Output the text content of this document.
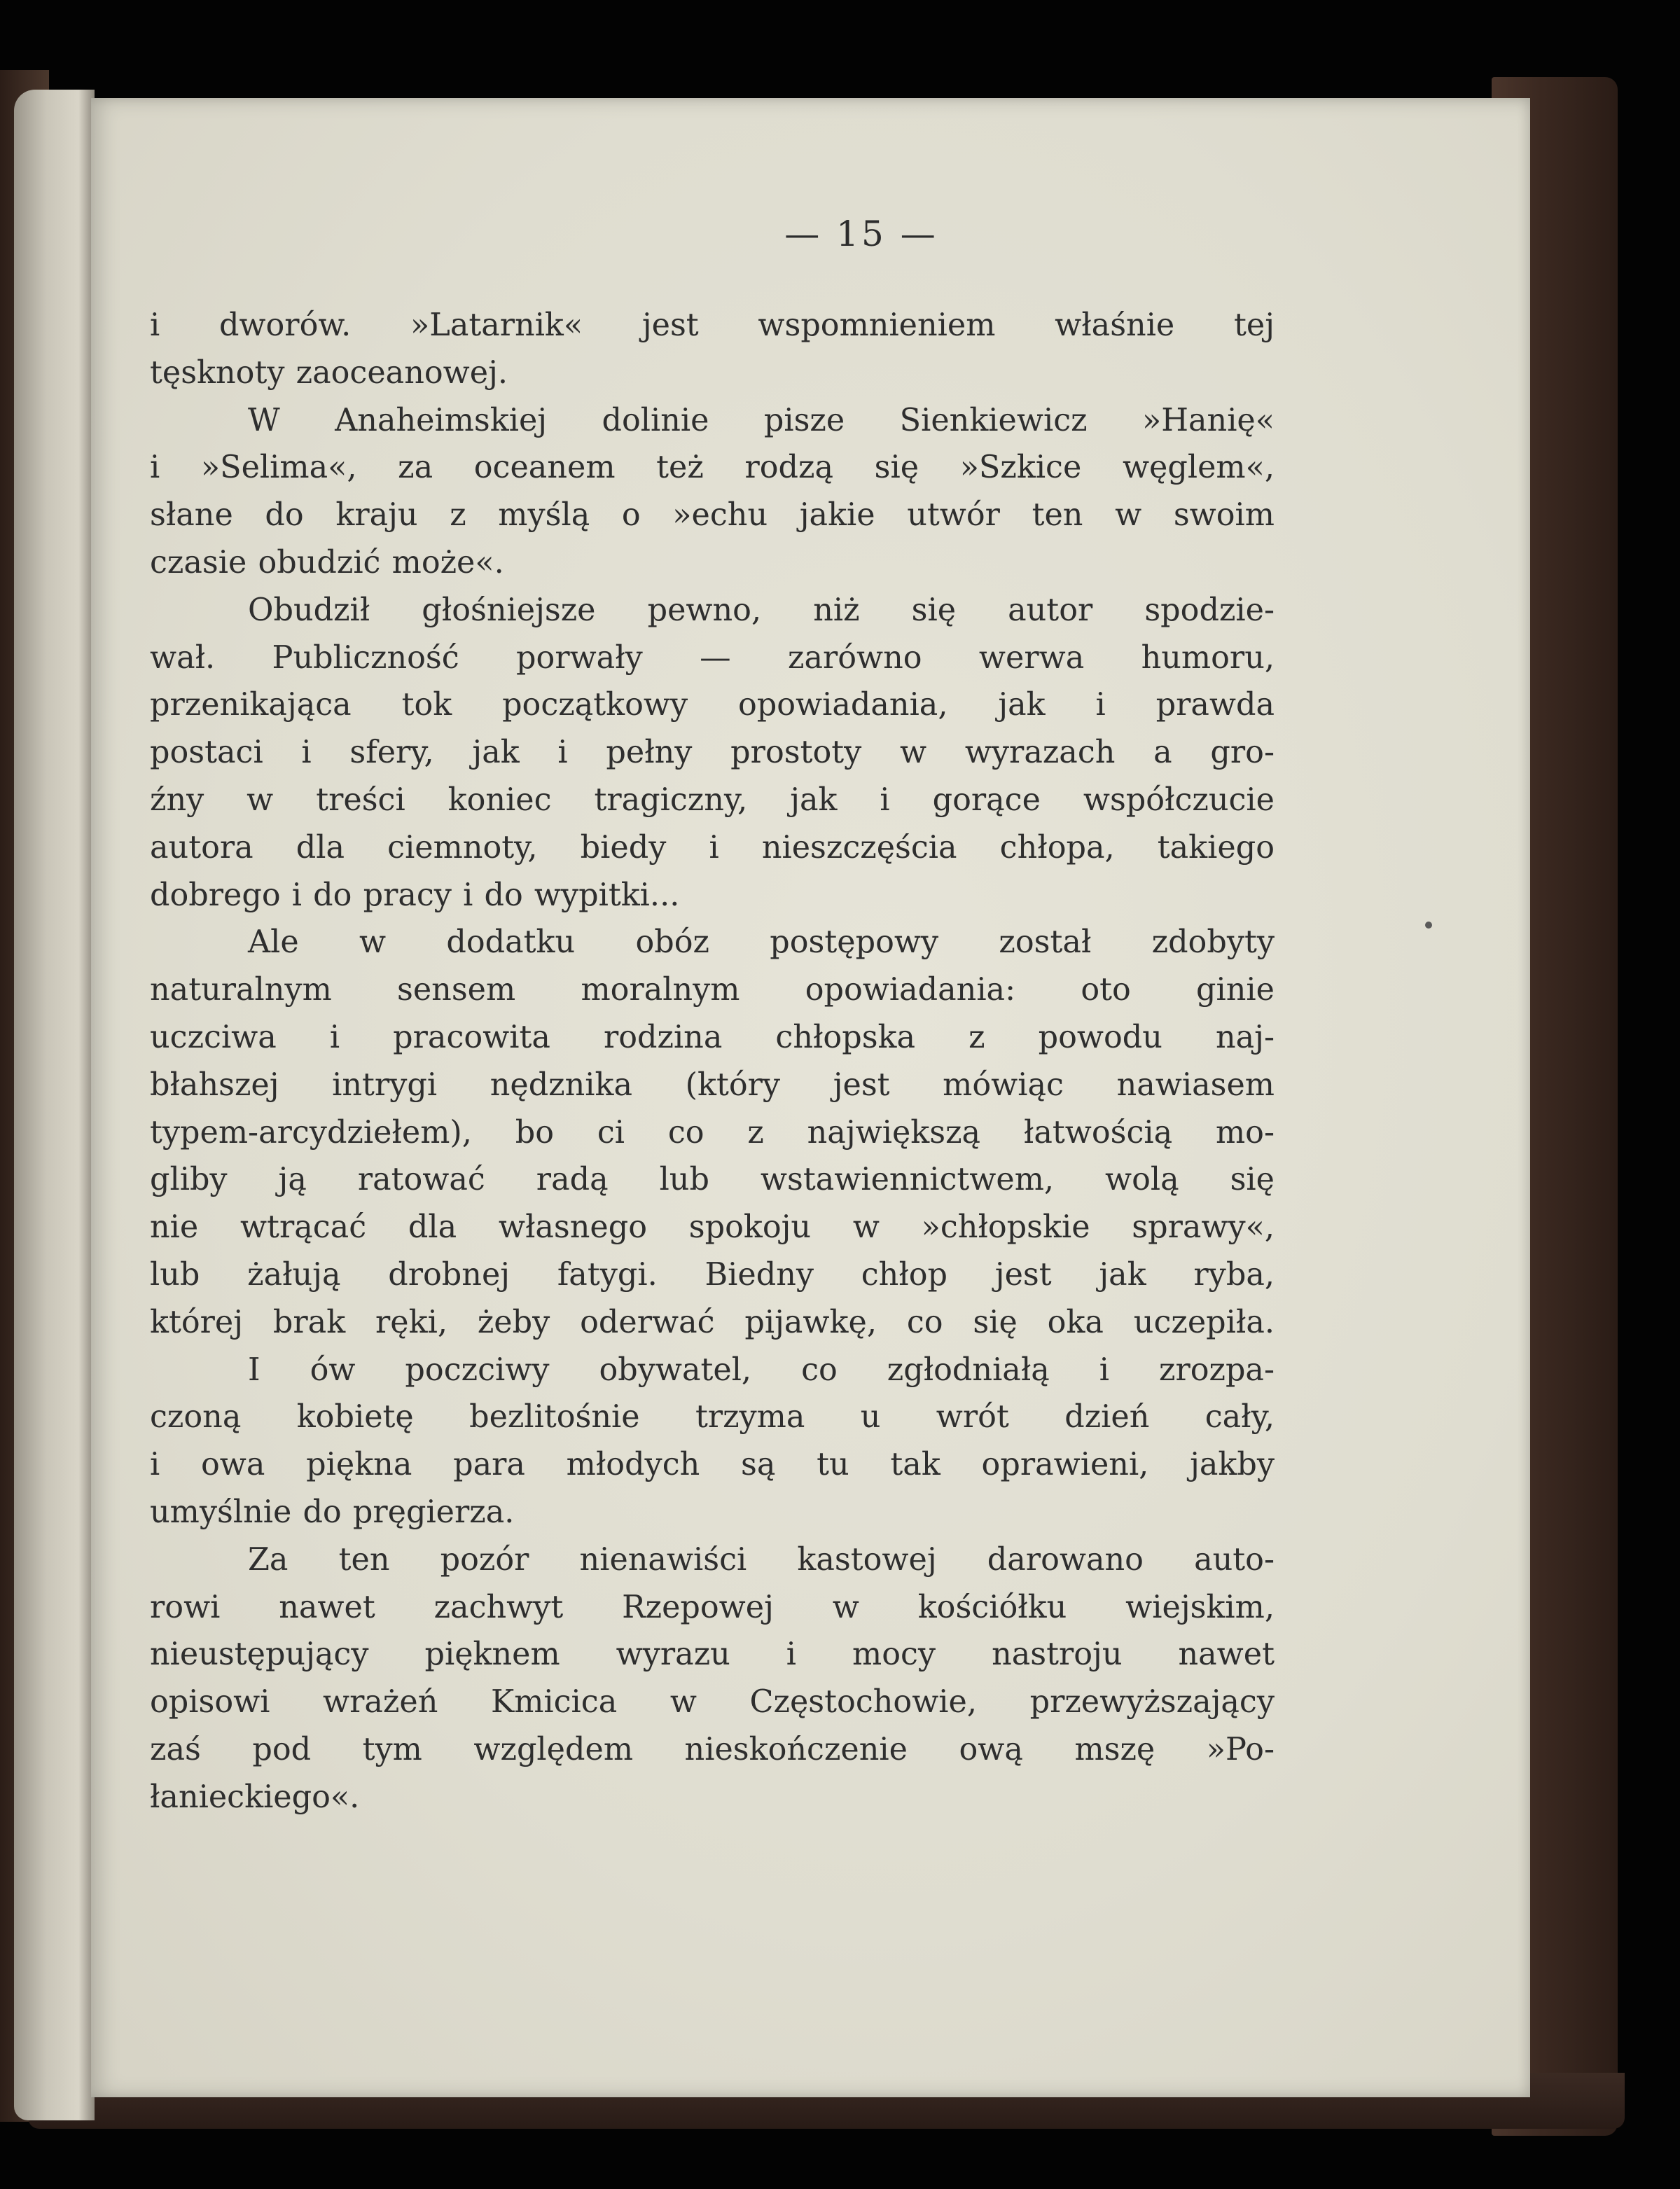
— 15 —
i dworów. »Latarnik« jest wspomnieniem właśnie tej
tęsknoty zaoceanowej.
W Anaheimskiej dolinie pisze Sienkiewicz »Hanię«
i »Selima«, za oceanem też rodzą się »Szkice węglem«,
słane do kraju z myślą o »echu jakie utwór ten w swoim
czasie obudzić może«.
Obudził głośniejsze pewno, niż się autor spodzie-
wał. Publiczność porwały — zarówno werwa humoru,
przenikająca tok początkowy opowiadania, jak i prawda
postaci i sfery, jak i pełny prostoty w wyrazach a gro-
źny w treści koniec tragiczny, jak i gorące współczucie
autora dla ciemnoty, biedy i nieszczęścia chłopa, takiego
dobrego i do pracy i do wypitki...
Ale w dodatku obóz postępowy został zdobyty
naturalnym sensem moralnym opowiadania: oto ginie
uczciwa i pracowita rodzina chłopska z powodu naj-
błahszej intrygi nędznika (który jest mówiąc nawiasem
typem-arcydziełem), bo ci co z największą łatwością mo-
gliby ją ratować radą lub wstawiennictwem, wolą się
nie wtrącać dla własnego spokoju w »chłopskie sprawy«,
lub żałują drobnej fatygi. Biedny chłop jest jak ryba,
której brak ręki, żeby oderwać pijawkę, co się oka uczepiła.
I ów poczciwy obywatel, co zgłodniałą i zrozpa-
czoną kobietę bezlitośnie trzyma u wrót dzień cały,
i owa piękna para młodych są tu tak oprawieni, jakby
umyślnie do pręgierza.
Za ten pozór nienawiści kastowej darowano auto-
rowi nawet zachwyt Rzepowej w kościółku wiejskim,
nieustępujący pięknem wyrazu i mocy nastroju nawet
opisowi wrażeń Kmicica w Częstochowie, przewyższający
zaś pod tym względem nieskończenie ową mszę »Po-
łanieckiego«.
